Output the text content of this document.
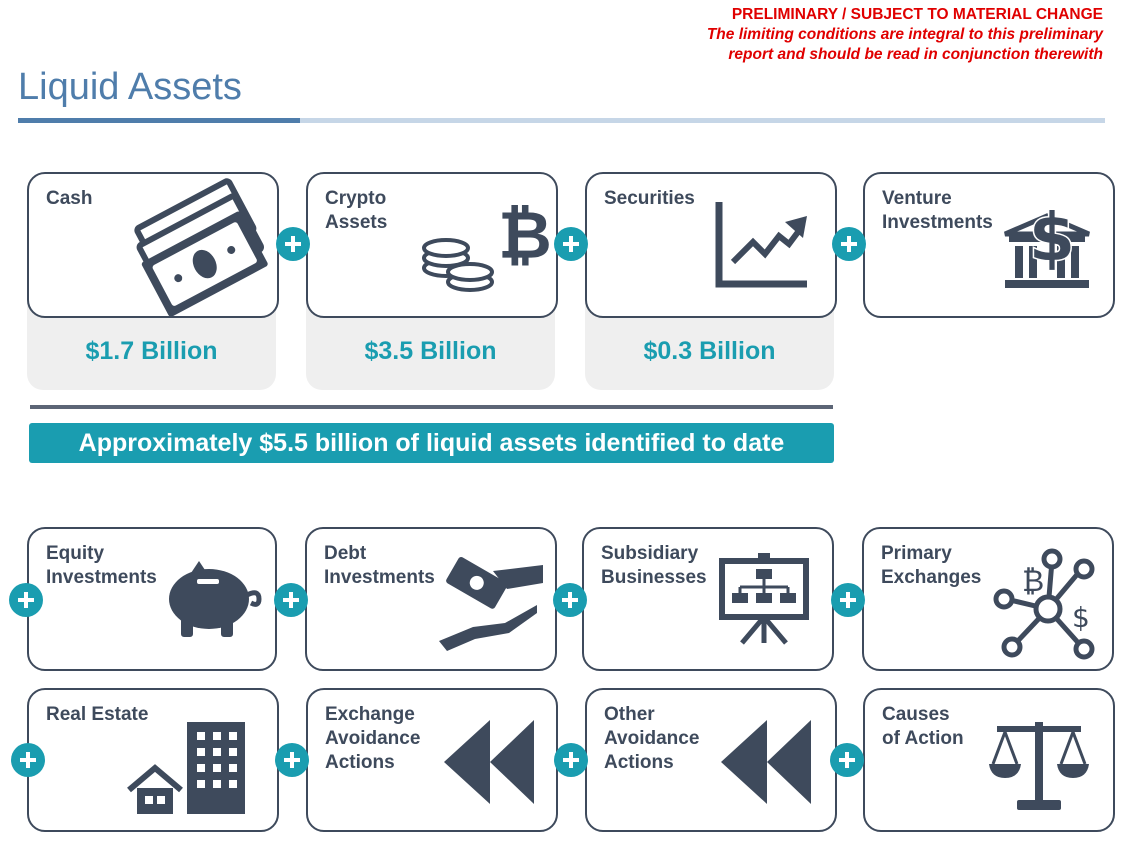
PRELIMINARY / SUBJECT TO MATERIAL CHANGE
The limiting conditions are integral to this preliminary
report and should be read in conjunction therewith
Liquid Assets
$1.7 Billion
Cash
$3.5 Billion
Crypto
Assets ₿
$0.3 Billion
Securities	Venture
Investments $
Approximately $5.5 billion of liquid assets identified to date
Equity
Investments
Debt
Investments
Subsidiary
Businesses
Primary
Exchanges ₿
$
Real Estate	Exchange
Avoidance
Actions
Other
Avoidance
Actions
Causes
of Action
